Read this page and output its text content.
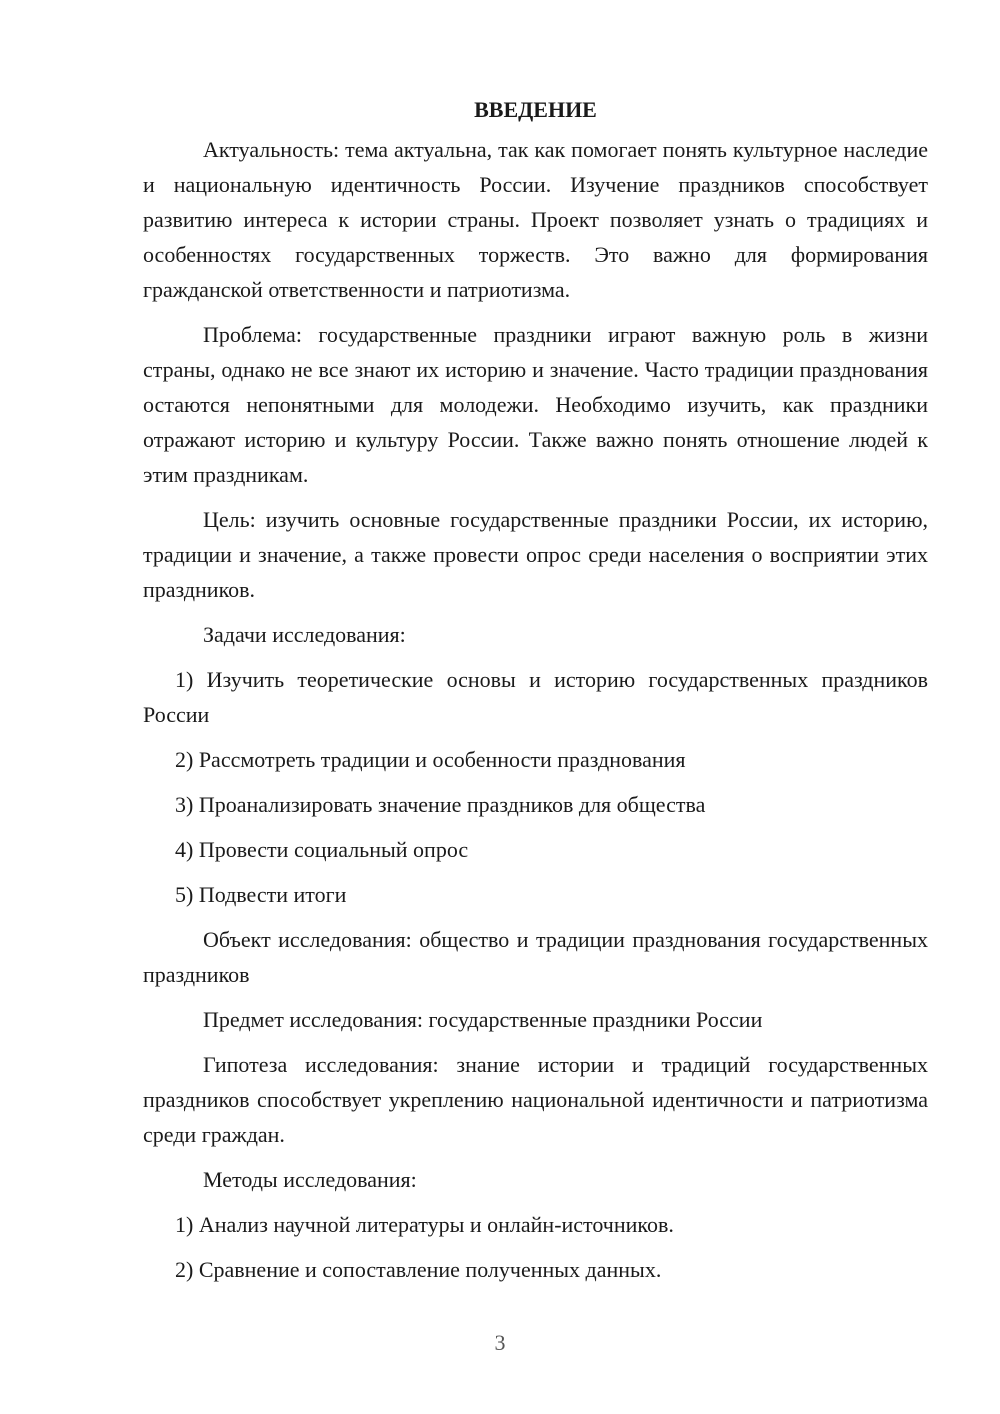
ВВЕДЕНИЕ

Актуальность: тема актуальна, так как помогает понять культурное наследие и национальную идентичность России. Изучение праздников способствует развитию интереса к истории страны. Проект позволяет узнать о традициях и особенностях государственных торжеств. Это важно для формирования гражданской ответственности и патриотизма.

Проблема: государственные праздники играют важную роль в жизни страны, однако не все знают их историю и значение. Часто традиции празднования остаются непонятными для молодежи. Необходимо изучить, как праздники отражают историю и культуру России. Также важно понять отношение людей к этим праздникам.

Цель: изучить основные государственные праздники России, их историю, традиции и значение, а также провести опрос среди населения о восприятии этих праздников.

Задачи исследования:

1) Изучить теоретические основы и историю государственных праздников России

2) Рассмотреть традиции и особенности празднования

3) Проанализировать значение праздников для общества

4) Провести социальный опрос

5) Подвести итоги

Объект исследования: общество и традиции празднования государственных праздников

Предмет исследования: государственные праздники России

Гипотеза исследования: знание истории и традиций государственных праздников способствует укреплению национальной идентичности и патриотизма среди граждан.

Методы исследования:

1) Анализ научной литературы и онлайн-источников.

2) Сравнение и сопоставление полученных данных.

3
